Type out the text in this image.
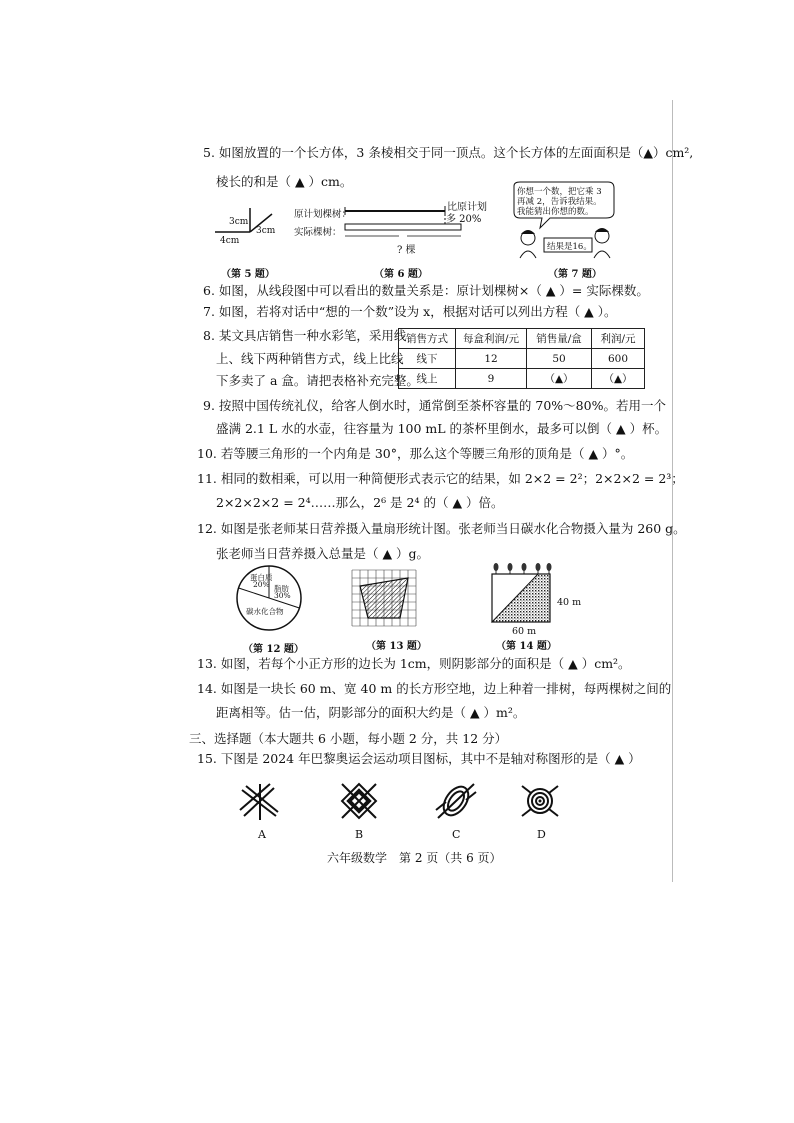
5. 如图放置的一个长方体，3 条棱相交于同一顶点。这个长方体的左面面积是（▲）cm²,
棱长的和是（ ▲ ）cm。
3cm
3cm
4cm
（第 5 题）
原计划棵树：
实际棵树：
比原计划
多 20%
? 棵
（第 6 题）
你想一个数，把它乘 3
再减 2，告诉我结果。
我能猜出你想的数。
结果是16。
（第 7 题）
6. 如图，从线段图中可以看出的数量关系是：原计划棵树×（ ▲ ）= 实际棵数。
7. 如图，若将对话中“想的一个数”设为 x，根据对话可以列出方程（ ▲ ）。
8. 某文具店销售一种水彩笔，采用线
上、线下两种销售方式，线上比线
下多卖了 a 盒。请把表格补充完整。
销售方式	每盒利润/元	销售量/盒	利润/元
线下	12	50	600
线上	9	（▲）	（▲）
9. 按照中国传统礼仪，给客人倒水时，通常倒至茶杯容量的 70%～80%。若用一个
盛满 2.1 L 水的水壶，往容量为 100 mL 的茶杯里倒水，最多可以倒（ ▲ ）杯。
10. 若等腰三角形的一个内角是 30°，那么这个等腰三角形的顶角是（ ▲ ）°。
11. 相同的数相乘，可以用一种简便形式表示它的结果，如 2×2 = 2²；2×2×2 = 2³；
2×2×2×2 = 2⁴……那么，2⁶ 是 2⁴ 的（ ▲ ）倍。
12. 如图是张老师某日营养摄入量扇形统计图。张老师当日碳水化合物摄入量为 260 g。
张老师当日营养摄入总量是（ ▲ ）g。
蛋白质
20% 脂肪
30%
碳水化合物
（第 12 题）	（第 13 题）
40 m
60 m
（第 14 题）
13. 如图，若每个小正方形的边长为 1cm，则阴影部分的面积是（ ▲ ）cm²。
14. 如图是一块长 60 m、宽 40 m 的长方形空地，边上种着一排树，每两棵树之间的
距离相等。估一估，阴影部分的面积大约是（ ▲ ）m²。
三、选择题（本大题共 6 小题，每小题 2 分，共 12 分）
15. 下图是 2024 年巴黎奥运会运动项目图标，其中不是轴对称图形的是（ ▲ ）
A	B	C	D
六年级数学　第 2 页（共 6 页）
